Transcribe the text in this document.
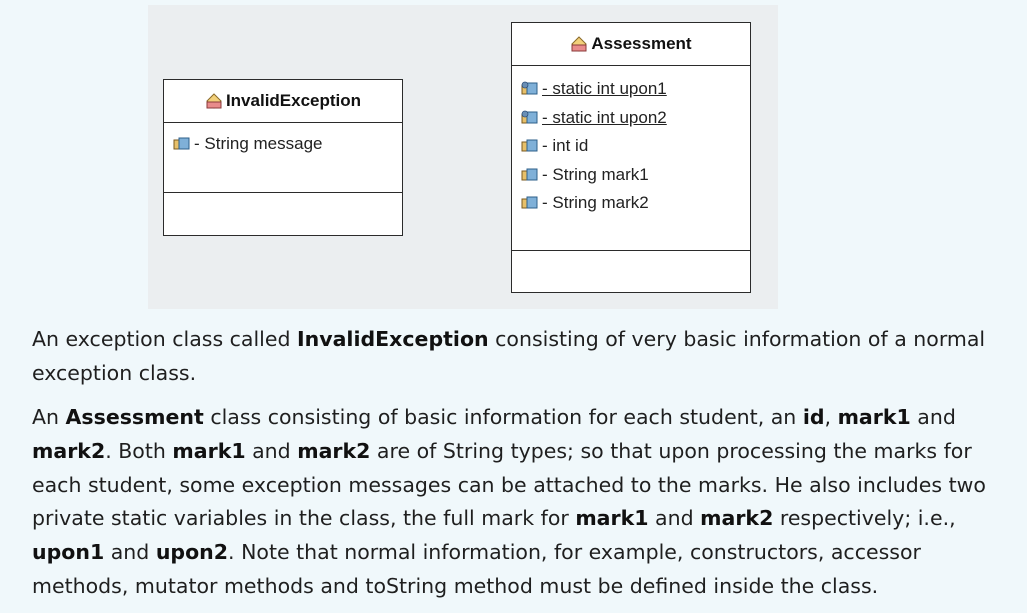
InvalidException
- String message
Assessment
- static int upon1
- static int upon2
- int id
- String mark1
- String mark2

An exception class called InvalidException consisting of very basic information of a normal exception class.

An Assessment class consisting of basic information for each student, an id, mark1 and mark2. Both mark1 and mark2 are of String types; so that upon processing the marks for each student, some exception messages can be attached to the marks. He also includes two private static variables in the class, the full mark for mark1 and mark2 respectively; i.e., upon1 and upon2. Note that normal information, for example, constructors, accessor methods, mutator methods and toString method must be defined inside the class.
